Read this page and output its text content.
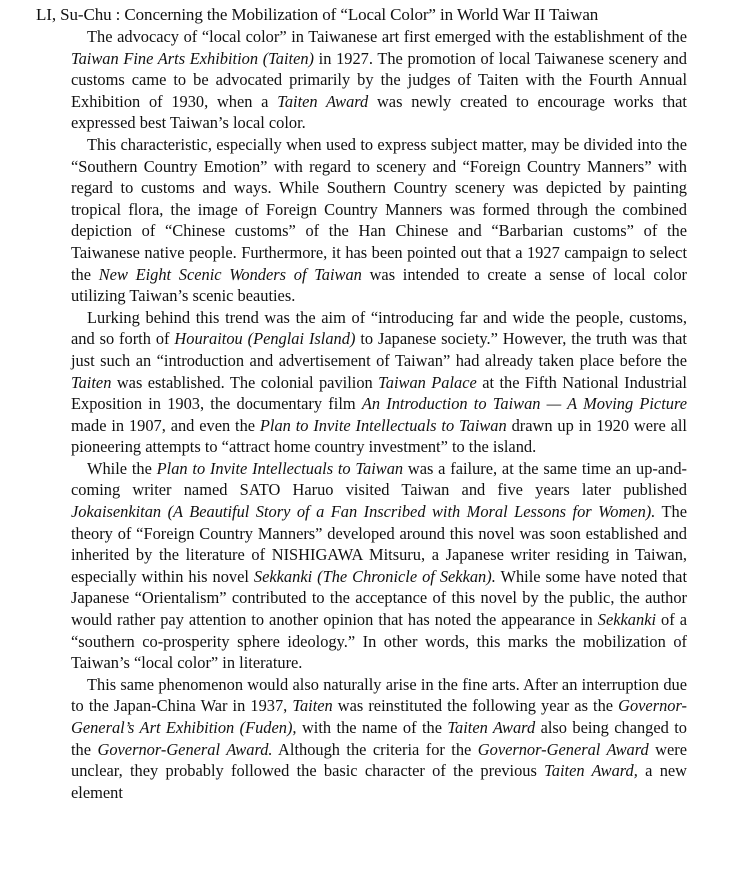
LI, Su-Chu : Concerning the Mobilization of “Local Color” in World War II Taiwan

The advocacy of “local color” in Taiwanese art first emerged with the establishment of the Taiwan Fine Arts Exhibition (Taiten) in 1927. The promotion of local Taiwanese scenery and customs came to be advocated primarily by the judges of Taiten with the Fourth Annual Exhibition of 1930, when a Taiten Award was newly created to encourage works that expressed best Taiwan’s local color.

This characteristic, especially when used to express subject matter, may be divided into the “Southern Country Emotion” with regard to scenery and “Foreign Country Manners” with regard to customs and ways. While Southern Country scenery was depicted by painting tropical flora, the image of Foreign Country Manners was formed through the combined depiction of “Chinese customs” of the Han Chinese and “Barbarian customs” of the Taiwanese native people. Furthermore, it has been pointed out that a 1927 campaign to select the New Eight Scenic Wonders of Taiwan was intended to create a sense of local color utilizing Taiwan’s scenic beauties.

Lurking behind this trend was the aim of “introducing far and wide the people, customs, and so forth of Houraitou (Penglai Island) to Japanese society.” However, the truth was that just such an “introduction and advertisement of Taiwan” had already taken place before the Taiten was established. The colonial pavilion Taiwan Palace at the Fifth National Industrial Exposition in 1903, the documentary film An Introduction to Taiwan — A Moving Picture made in 1907, and even the Plan to Invite Intellectuals to Taiwan drawn up in 1920 were all pioneering attempts to “attract home country investment” to the island.

While the Plan to Invite Intellectuals to Taiwan was a failure, at the same time an up-and-coming writer named SATO Haruo visited Taiwan and five years later published Jokaisenkitan (A Beautiful Story of a Fan Inscribed with Moral Lessons for Women). The theory of “Foreign Country Manners” developed around this novel was soon established and inherited by the literature of NISHIGAWA Mitsuru, a Japanese writer residing in Taiwan, especially within his novel Sekkanki (The Chronicle of Sekkan). While some have noted that Japanese “Orientalism” contributed to the acceptance of this novel by the public, the author would rather pay attention to another opinion that has noted the appearance in Sekkanki of a “southern co-prosperity sphere ideology.” In other words, this marks the mobilization of Taiwan’s “local color” in literature.

This same phenomenon would also naturally arise in the fine arts. After an interruption due to the Japan-China War in 1937, Taiten was reinstituted the following year as the Governor-General’s Art Exhibition (Fuden), with the name of the Taiten Award also being changed to the Governor-General Award. Although the criteria for the Governor-General Award were unclear, they probably followed the basic character of the previous Taiten Award, a new element
